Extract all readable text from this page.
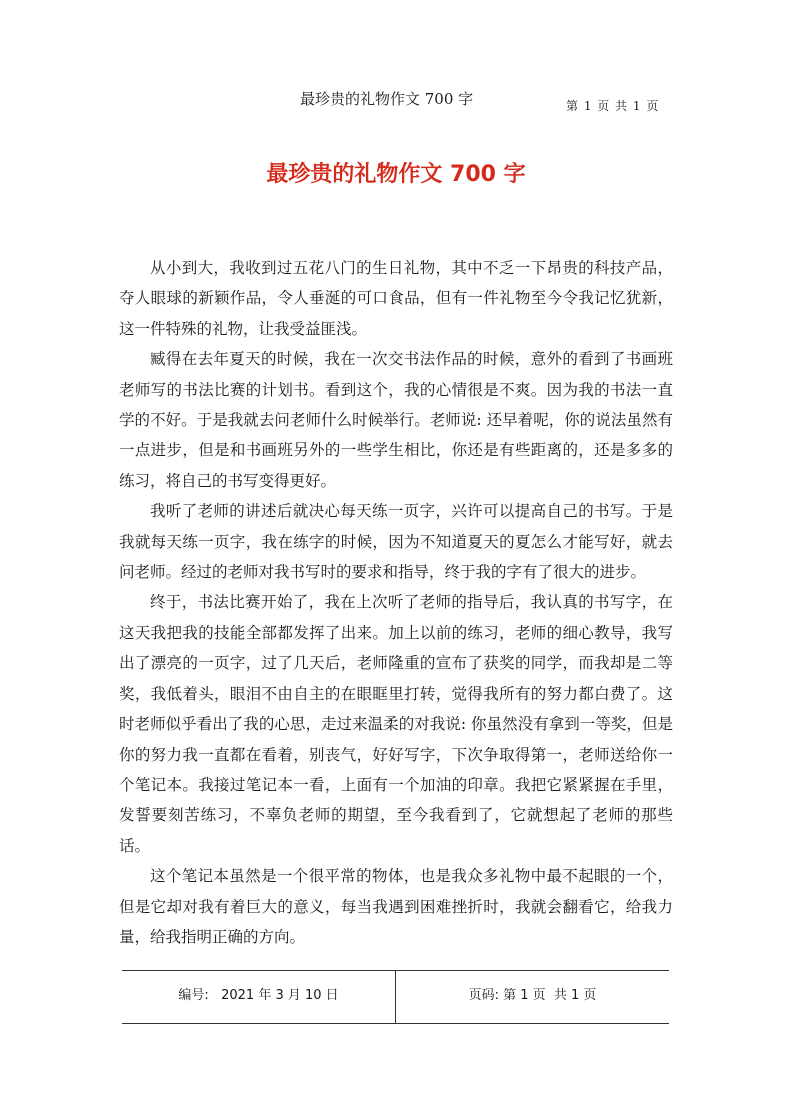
最珍贵的礼物作文 700 字	第 1 页 共 1 页
最珍贵的礼物作文 700 字

从小到大，我收到过五花八门的生日礼物，其中不乏一下昂贵的科技产品，夺人眼球的新颖作品，令人垂涎的可口食品，但有一件礼物至今令我记忆犹新，这一件特殊的礼物，让我受益匪浅。

臧得在去年夏天的时候，我在一次交书法作品的时候，意外的看到了书画班老师写的书法比赛的计划书。看到这个，我的心情很是不爽。因为我的书法一直学的不好。于是我就去问老师什么时候举行。老师说: 还早着呢，你的说法虽然有一点进步，但是和书画班另外的一些学生相比，你还是有些距离的，还是多多的练习，将自己的书写变得更好。

我听了老师的讲述后就决心每天练一页字，兴许可以提高自己的书写。于是我就每天练一页字，我在练字的时候，因为不知道夏天的夏怎么才能写好，就去问老师。经过的老师对我书写时的要求和指导，终于我的字有了很大的进步。

终于，书法比赛开始了，我在上次听了老师的指导后，我认真的书写字，在这天我把我的技能全部都发挥了出来。加上以前的练习，老师的细心教导，我写出了漂亮的一页字，过了几天后，老师隆重的宣布了获奖的同学，而我却是二等奖，我低着头，眼泪不由自主的在眼眶里打转，觉得我所有的努力都白费了。这时老师似乎看出了我的心思，走过来温柔的对我说: 你虽然没有拿到一等奖，但是你的努力我一直都在看着，别丧气，好好写字，下次争取得第一，老师送给你一个笔记本。我接过笔记本一看，上面有一个加油的印章。我把它紧紧握在手里，发誓要刻苦练习，不辜负老师的期望，至今我看到了，它就想起了老师的那些话。

这个笔记本虽然是一个很平常的物体，也是我众多礼物中最不起眼的一个，但是它却对我有着巨大的意义，每当我遇到困难挫折时，我就会翻看它，给我力量，给我指明正确的方向。

编号:   2021 年 3 月 10 日	页码: 第 1 页  共 1 页
